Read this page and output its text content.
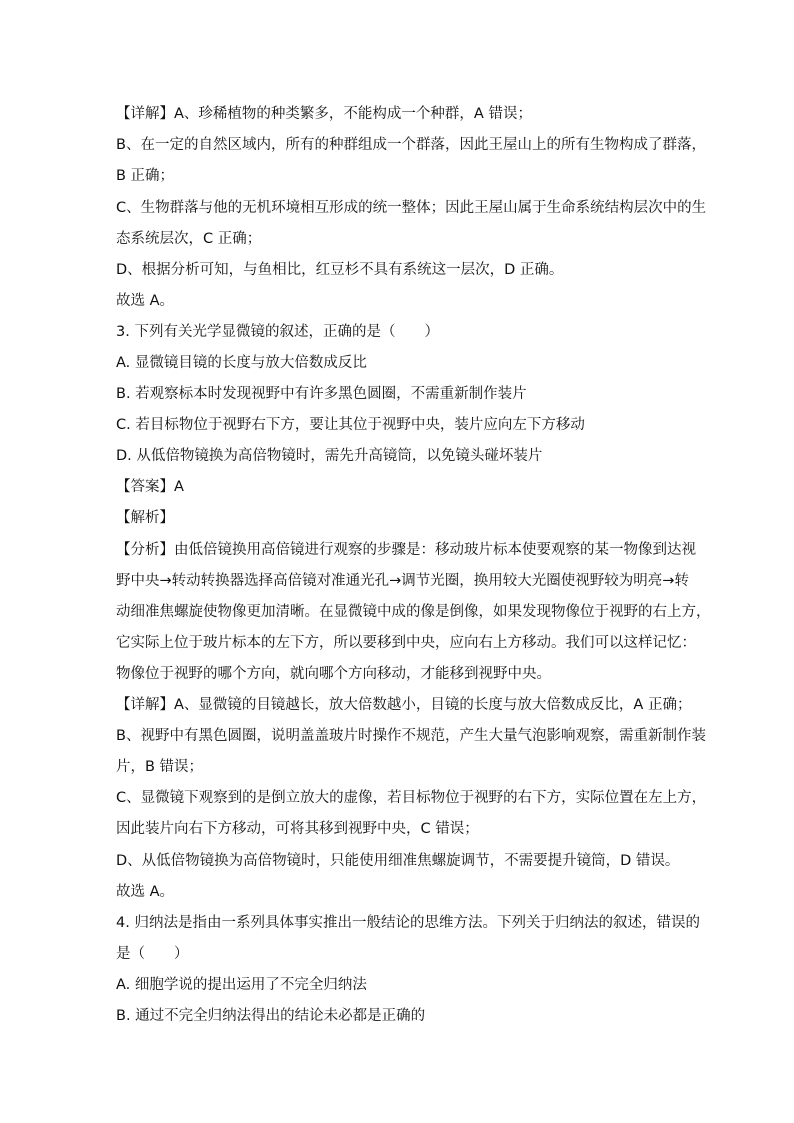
【详解】A、珍稀植物的种类繁多，不能构成一个种群，A 错误；
B、在一定的自然区域内，所有的种群组成一个群落，因此王屋山上的所有生物构成了群落，
B 正确；
C、生物群落与他的无机环境相互形成的统一整体；因此王屋山属于生命系统结构层次中的生
态系统层次，C 正确；
D、根据分析可知，与鱼相比，红豆杉不具有系统这一层次，D 正确。
故选 A。
3. 下列有关光学显微镜的叙述，正确的是（　　）
A. 显微镜目镜的长度与放大倍数成反比
B. 若观察标本时发现视野中有许多黑色圆圈，不需重新制作装片
C. 若目标物位于视野右下方，要让其位于视野中央，装片应向左下方移动
D. 从低倍物镜换为高倍物镜时，需先升高镜筒，以免镜头碰坏装片
【答案】A
【解析】
【分析】由低倍镜换用高倍镜进行观察的步骤是：移动玻片标本使要观察的某一物像到达视
野中央→转动转换器选择高倍镜对准通光孔→调节光圈，换用较大光圈使视野较为明亮→转
动细准焦螺旋使物像更加清晰。在显微镜中成的像是倒像，如果发现物像位于视野的右上方，
它实际上位于玻片标本的左下方，所以要移到中央，应向右上方移动。我们可以这样记忆：
物像位于视野的哪个方向，就向哪个方向移动，才能移到视野中央。
【详解】A、显微镜的目镜越长，放大倍数越小，目镜的长度与放大倍数成反比，A 正确；
B、视野中有黑色圆圈，说明盖盖玻片时操作不规范，产生大量气泡影响观察，需重新制作装
片，B 错误；
C、显微镜下观察到的是倒立放大的虚像，若目标物位于视野的右下方，实际位置在左上方，
因此装片向右下方移动，可将其移到视野中央，C 错误；
D、从低倍物镜换为高倍物镜时，只能使用细准焦螺旋调节，不需要提升镜筒，D 错误。
故选 A。
4. 归纳法是指由一系列具体事实推出一般结论的思维方法。下列关于归纳法的叙述，错误的
是（　　）
A. 细胞学说的提出运用了不完全归纳法
B. 通过不完全归纳法得出的结论未必都是正确的
